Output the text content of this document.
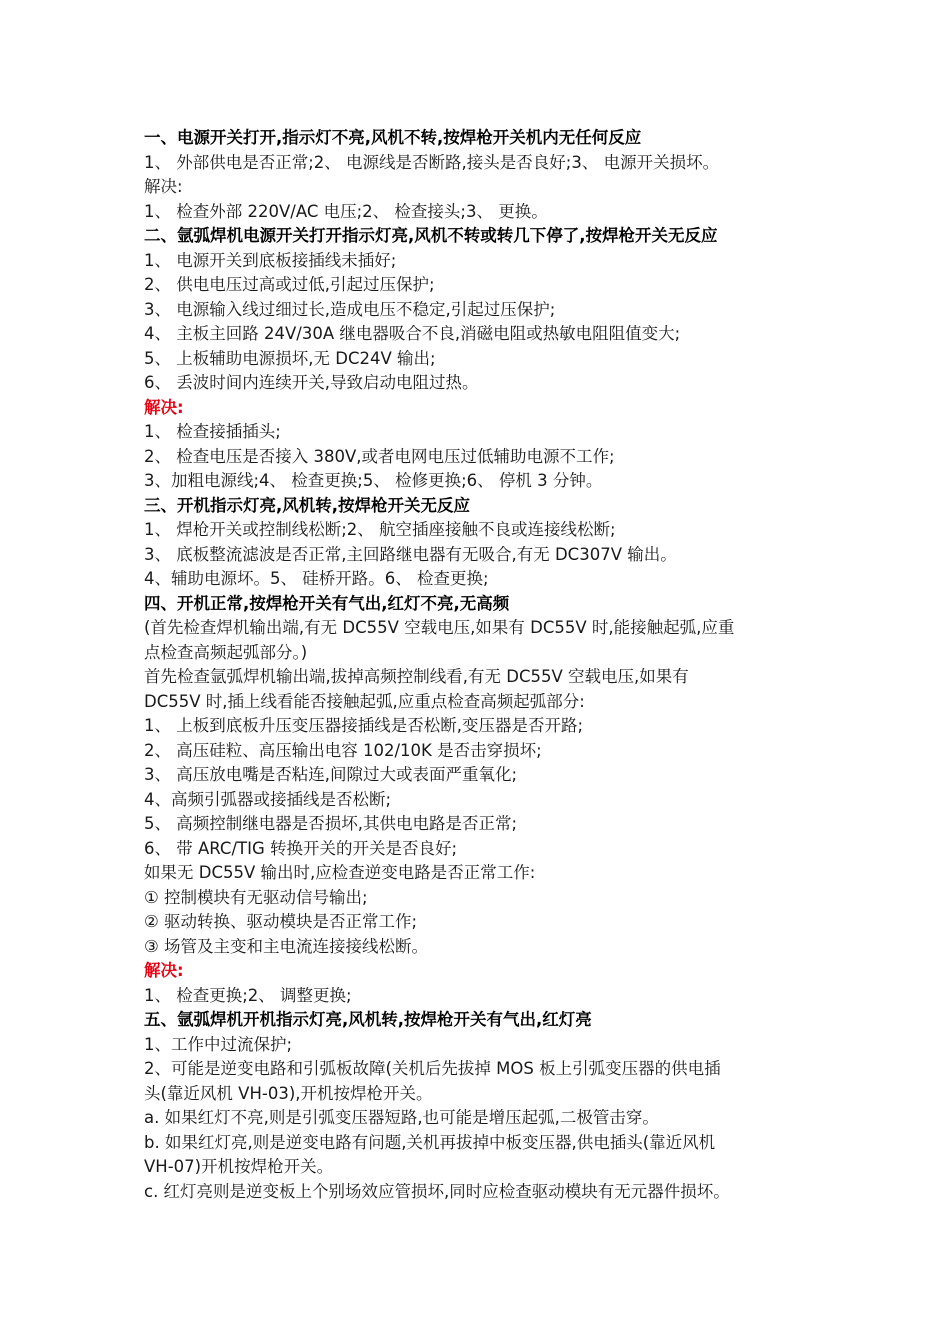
一、电源开关打开,指示灯不亮,风机不转,按焊枪开关机内无任何反应
1、 外部供电是否正常;2、 电源线是否断路,接头是否良好;3、 电源开关损坏。
解决:
1、 检查外部 220V/AC 电压;2、 检查接头;3、 更换。
二、氩弧焊机电源开关打开指示灯亮,风机不转或转几下停了,按焊枪开关无反应
1、 电源开关到底板接插线未插好;
2、 供电电压过高或过低,引起过压保护;
3、 电源输入线过细过长,造成电压不稳定,引起过压保护;
4、 主板主回路 24V/30A 继电器吸合不良,消磁电阻或热敏电阻阻值变大;
5、 上板辅助电源损坏,无 DC24V 输出;
6、 丢波时间内连续开关,导致启动电阻过热。
解决:
1、 检查接插插头;
2、 检查电压是否接入 380V,或者电网电压过低辅助电源不工作;
3、加粗电源线;4、 检查更换;5、 检修更换;6、 停机 3 分钟。
三、开机指示灯亮,风机转,按焊枪开关无反应
1、 焊枪开关或控制线松断;2、 航空插座接触不良或连接线松断;
3、 底板整流滤波是否正常,主回路继电器有无吸合,有无 DC307V 输出。
4、辅助电源坏。5、 硅桥开路。6、 检查更换;
四、开机正常,按焊枪开关有气出,红灯不亮,无高频
(首先检查焊机输出端,有无 DC55V 空载电压,如果有 DC55V 时,能接触起弧,应重
点检查高频起弧部分。)
首先检查氩弧焊机输出端,拔掉高频控制线看,有无 DC55V 空载电压,如果有
DC55V 时,插上线看能否接触起弧,应重点检查高频起弧部分:
1、 上板到底板升压变压器接插线是否松断,变压器是否开路;
2、 高压硅粒、高压输出电容 102/10K 是否击穿损坏;
3、 高压放电嘴是否粘连,间隙过大或表面严重氧化;
4、高频引弧器或接插线是否松断;
5、 高频控制继电器是否损坏,其供电电路是否正常;
6、 带 ARC/TIG 转换开关的开关是否良好;
如果无 DC55V 输出时,应检查逆变电路是否正常工作:
① 控制模块有无驱动信号输出;
② 驱动转换、驱动模块是否正常工作;
③ 场管及主变和主电流连接接线松断。
解决:
1、 检查更换;2、 调整更换;
五、氩弧焊机开机指示灯亮,风机转,按焊枪开关有气出,红灯亮
1、工作中过流保护;
2、可能是逆变电路和引弧板故障(关机后先拔掉 MOS 板上引弧变压器的供电插
头(靠近风机 VH-03),开机按焊枪开关。
a. 如果红灯不亮,则是引弧变压器短路,也可能是增压起弧,二极管击穿。
b. 如果红灯亮,则是逆变电路有问题,关机再拔掉中板变压器,供电插头(靠近风机
VH-07)开机按焊枪开关。
c. 红灯亮则是逆变板上个别场效应管损坏,同时应检查驱动模块有无元器件损坏。
